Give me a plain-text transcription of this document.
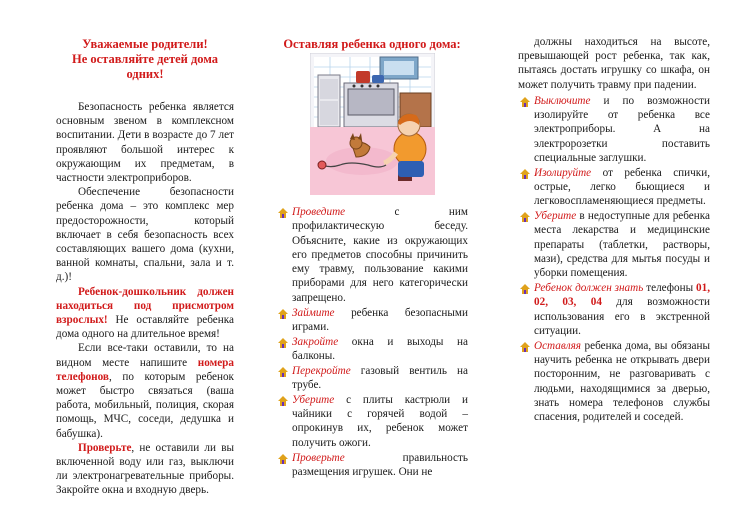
Уважаемые родители!

Не оставляйте детей дома одних!

Безопасность ребенка является основным звеном в комплексном воспитании. Дети в возрасте до 7 лет проявляют большой интерес к окружающим их предметам, в частности электроприборов.

Обеспечение безопасности ребенка дома – это комплекс мер предосторожности, который включает в себя безопасность всех составляющих вашего дома (кухни, ванной комнаты, спальни, зала и т. д.)!

Ребенок-дошкольник должен находиться под присмотром взрослых! Не оставляйте ребенка дома одного на длительное время!

Если все-таки оставили, то на видном месте напишите номера телефонов, по которым ребенок может быстро связаться (ваша работа, мобильный, полиция, скорая помощь, МЧС, соседи, дедушка и бабушка).

Проверьте, не оставили ли вы включенной воду или газ, выключи ли электронагревательные приборы. Закройте окна и входную дверь.

Оставляя ребенка одного дома:

Проведите с ним профилактическую беседу. Объясните, какие из окружающих его предметов способны причинить ему травму, пользование какими приборами для него категорически запрещено.
Займите ребенка безопасными играми.
Закройте окна и выходы на балконы.
Перекройте газовый вентиль на трубе.
Уберите с плиты кастрюли и чайники с горячей водой – опрокинув их, ребенок может получить ожоги.
Проверьте правильность размещения игрушек. Они не

должны находиться на высоте, превышающей рост ребенка, так как, пытаясь достать игрушку со шкафа, он может получить травму при падении.

Выключите и по возможности изолируйте от ребенка все электроприборы. А на электророзетки поставить специальные заглушки.
Изолируйте от ребенка спички, острые, легко бьющиеся и легковоспламеняющиеся предметы.
Уберите в недоступные для ребенка места лекарства и медицинские препараты (таблетки, растворы, мази), средства для мытья посуды и уборки помещения.
Ребенок должен знать телефоны 01, 02, 03, 04 для возможности использования его в экстренной ситуации.
Оставляя ребенка дома, вы обязаны научить ребенка не открывать двери посторонним, не разговаривать с людьми, находящимися за дверью, знать номера телефонов службы спасения, родителей и соседей.
